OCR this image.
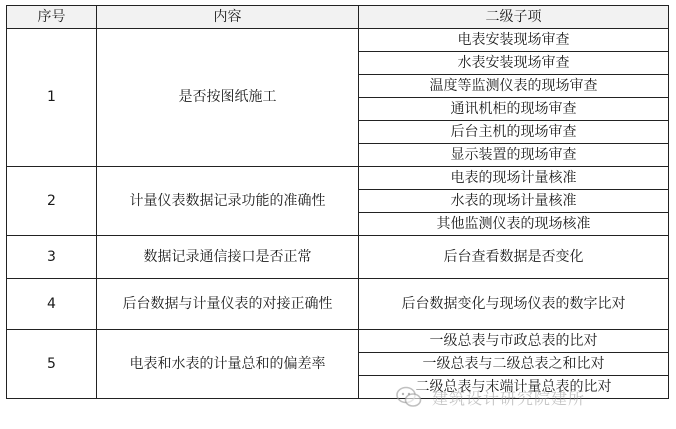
序号	内容	二级子项
1	是否按图纸施工	电表安装现场审查
		水表安装现场审查
		温度等监测仪表的现场审查
		通讯机柜的现场审查
		后台主机的现场审查
		显示装置的现场审查
2	计量仪表数据记录功能的准确性	电表的现场计量核准
		水表的现场计量核准
		其他监测仪表的现场核准
3	数据记录通信接口是否正常	后台查看数据是否变化
4	后台数据与计量仪表的对接正确性	后台数据变化与现场仪表的数字比对
5	电表和水表的计量总和的偏差率	一级总表与市政总表的比对
		一级总表与二级总表之和比对
		二级总表与末端计量总表的比对
建筑设计研究院建所
